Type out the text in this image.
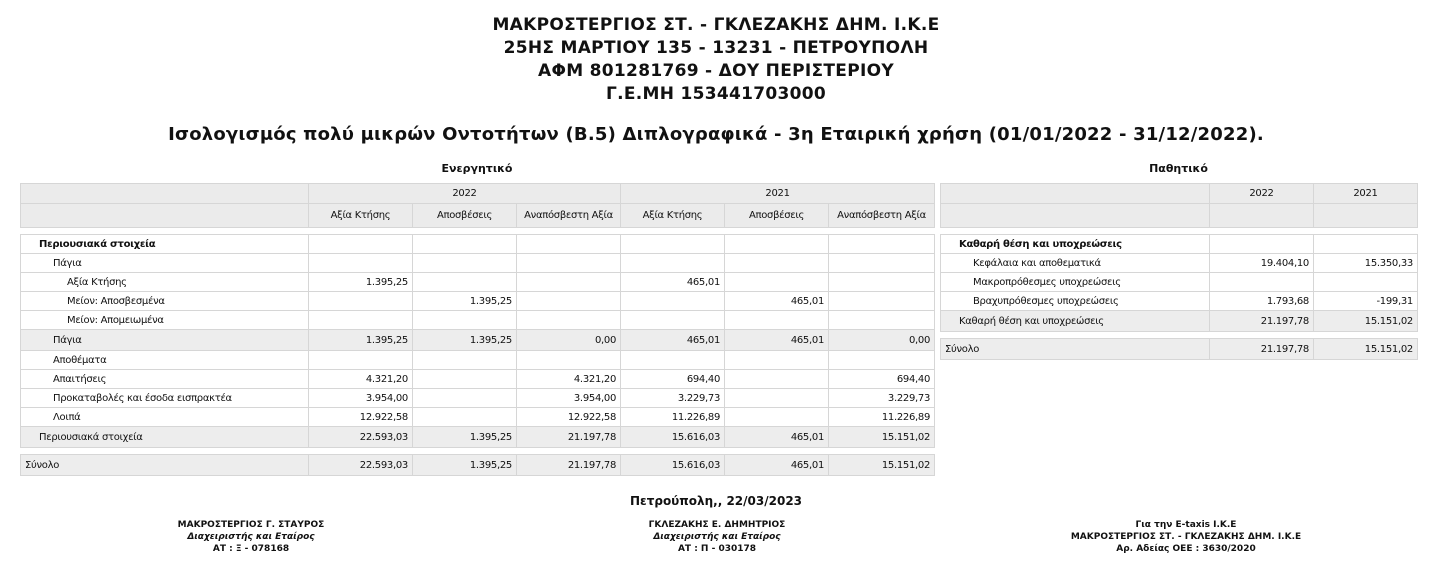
ΜΑΚΡΟΣΤΕΡΓΙΟΣ ΣΤ. - ΓΚΛΕΖΑΚΗΣ ΔΗΜ. Ι.Κ.Ε
25ΗΣ ΜΑΡΤΙΟΥ 135 - 13231 - ΠΕΤΡΟΥΠΟΛΗ
ΑΦΜ 801281769 - ΔΟΥ ΠΕΡΙΣΤΕΡΙΟΥ
Γ.Ε.ΜΗ 153441703000
Ισολογισμός πολύ μικρών Οντοτήτων (Β.5) Διπλογραφικά - 3η Εταιρική χρήση (01/01/2022 - 31/12/2022).
Ενεργητικό	Παθητικό
	2022			2021		
	Αξία Κτήσης	Αποσβέσεις	Αναπόσβεστη Αξία	Αξία Κτήσης	Αποσβέσεις	Αναπόσβεστη Αξία

Περιουσιακά στοιχεία						
Πάγια						
Αξία Κτήσης	1.395,25			465,01		
Μείον: Αποσβεσμένα		1.395,25			465,01	
Μείον: Απομειωμένα						
Πάγια	1.395,25	1.395,25	0,00	465,01	465,01	0,00
Αποθέματα						
Απαιτήσεις	4.321,20		4.321,20	694,40		694,40
Προκαταβολές και έσοδα εισπρακτέα	3.954,00		3.954,00	3.229,73		3.229,73
Λοιπά	12.922,58		12.922,58	11.226,89		11.226,89
Περιουσιακά στοιχεία	22.593,03	1.395,25	21.197,78	15.616,03	465,01	15.151,02

Σύνολο	22.593,03	1.395,25	21.197,78	15.616,03	465,01	15.151,02
	2022	2021

Καθαρή θέση και υποχρεώσεις		
Κεφάλαια και αποθεματικά	19.404,10	15.350,33
Μακροπρόθεσμες υποχρεώσεις		
Βραχυπρόθεσμες υποχρεώσεις	1.793,68	-199,31
Καθαρή θέση και υποχρεώσεις	21.197,78	15.151,02

Σύνολο	21.197,78	15.151,02
Πετρούπολη,, 22/03/2023
ΜΑΚΡΟΣΤΕΡΓΙΟΣ Γ. ΣΤΑΥΡΟΣ
Διαχειριστής και Εταίρος
ΑΤ : Ξ - 078168
ΓΚΛΕΖΑΚΗΣ Ε. ΔΗΜΗΤΡΙΟΣ
Διαχειριστής και Εταίρος
ΑΤ : Π - 030178
Για την E-taxis I.K.E
ΜΑΚΡΟΣΤΕΡΓΙΟΣ ΣΤ. - ΓΚΛΕΖΑΚΗΣ ΔΗΜ. Ι.Κ.Ε
Αρ. Αδείας ΟΕΕ : 3630/2020
